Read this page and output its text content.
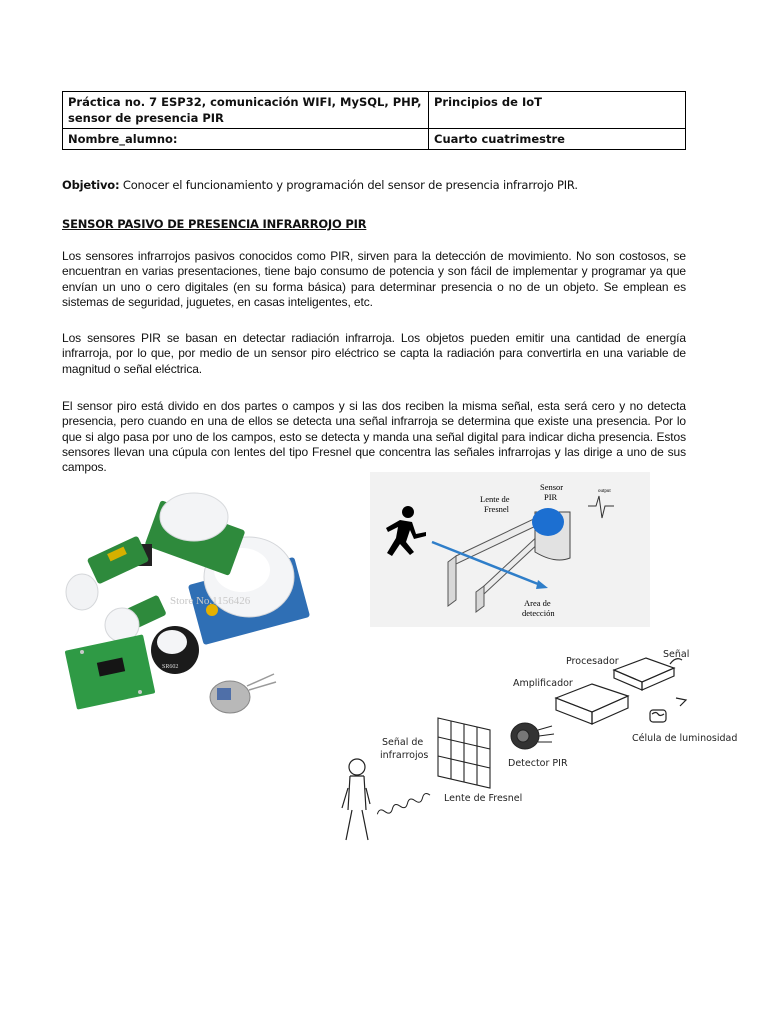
Práctica no. 7 ESP32, comunicación WIFI, MySQL, PHP, sensor de presencia PIR	Principios de IoT
Nombre_alumno:	Cuarto cuatrimestre
Objetivo: Conocer el funcionamiento y programación del sensor de presencia infrarrojo PIR.
SENSOR PASIVO DE PRESENCIA INFRARROJO PIR

Los sensores infrarrojos pasivos conocidos como PIR, sirven para la detección de movimiento. No son costosos, se encuentran en varias presentaciones, tiene bajo consumo de potencia y son fácil de implementar y programar ya que envían un uno o cero digitales (en su forma básica) para determinar presencia o no de un objeto. Se emplean es sistemas de seguridad, juguetes, en casas inteligentes, etc.

Los sensores PIR se basan en detectar radiación infrarroja. Los objetos pueden emitir una cantidad de energía infrarroja, por lo que, por medio de un sensor piro eléctrico se capta la radiación para convertirla en una variable de magnitud o señal eléctrica.

El sensor piro está divido en dos partes o campos y si las dos reciben la misma señal, esta será cero y no detecta presencia, pero cuando en una de ellos se detecta una señal infrarroja se determina que existe una presencia. Por lo que si algo pasa por uno de los campos, esto se detecta y manda una señal digital para indicar dicha presencia. Estos sensores llevan una cúpula con lentes del tipo Fresnel que concentra las señales infrarrojas y las dirige a uno de sus campos.

Store No.1156426
SR602
output
Lente de
Fresnel
Sensor
PIR
Area de
detección
Señal de
infrarrojos
Lente de Fresnel
Detector PIR
Amplificador
Procesador
Señal
Célula de luminosidad
